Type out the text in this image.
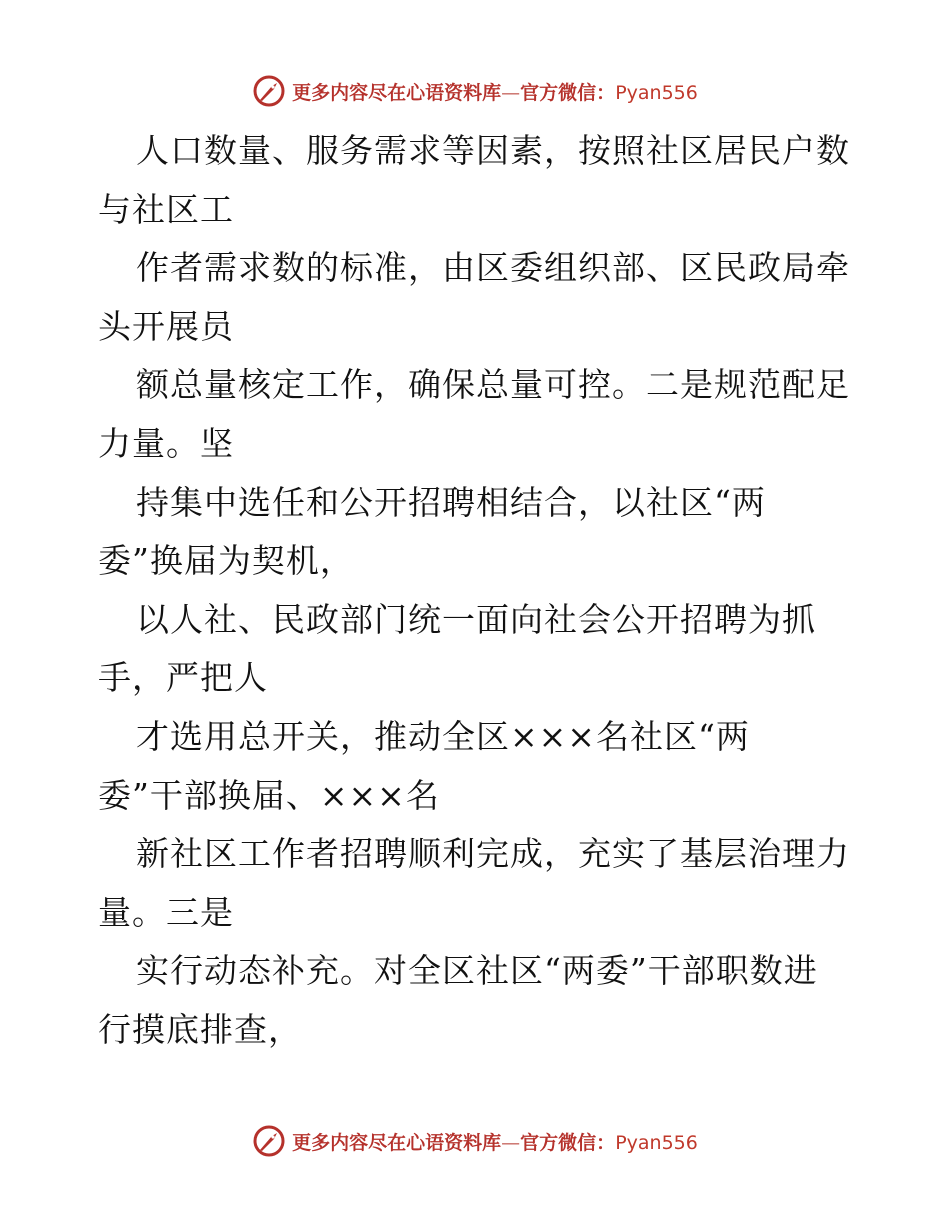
更多内容尽在心语资料库—官方微信：Pyan556
人口数量、服务需求等因素，按照社区居民户数
与社区工
作者需求数的标准，由区委组织部、区民政局牵
头开展员
额总量核定工作，确保总量可控。二是规范配足
力量。坚
持集中选任和公开招聘相结合，以社区“两
委”换届为契机，
以人社、民政部门统一面向社会公开招聘为抓
手，严把人
才选用总开关，推动全区×××名社区“两
委”干部换届、×××名
新社区工作者招聘顺利完成，充实了基层治理力
量。三是
实行动态补充。对全区社区“两委”干部职数进
行摸底排查，
更多内容尽在心语资料库—官方微信：Pyan556
